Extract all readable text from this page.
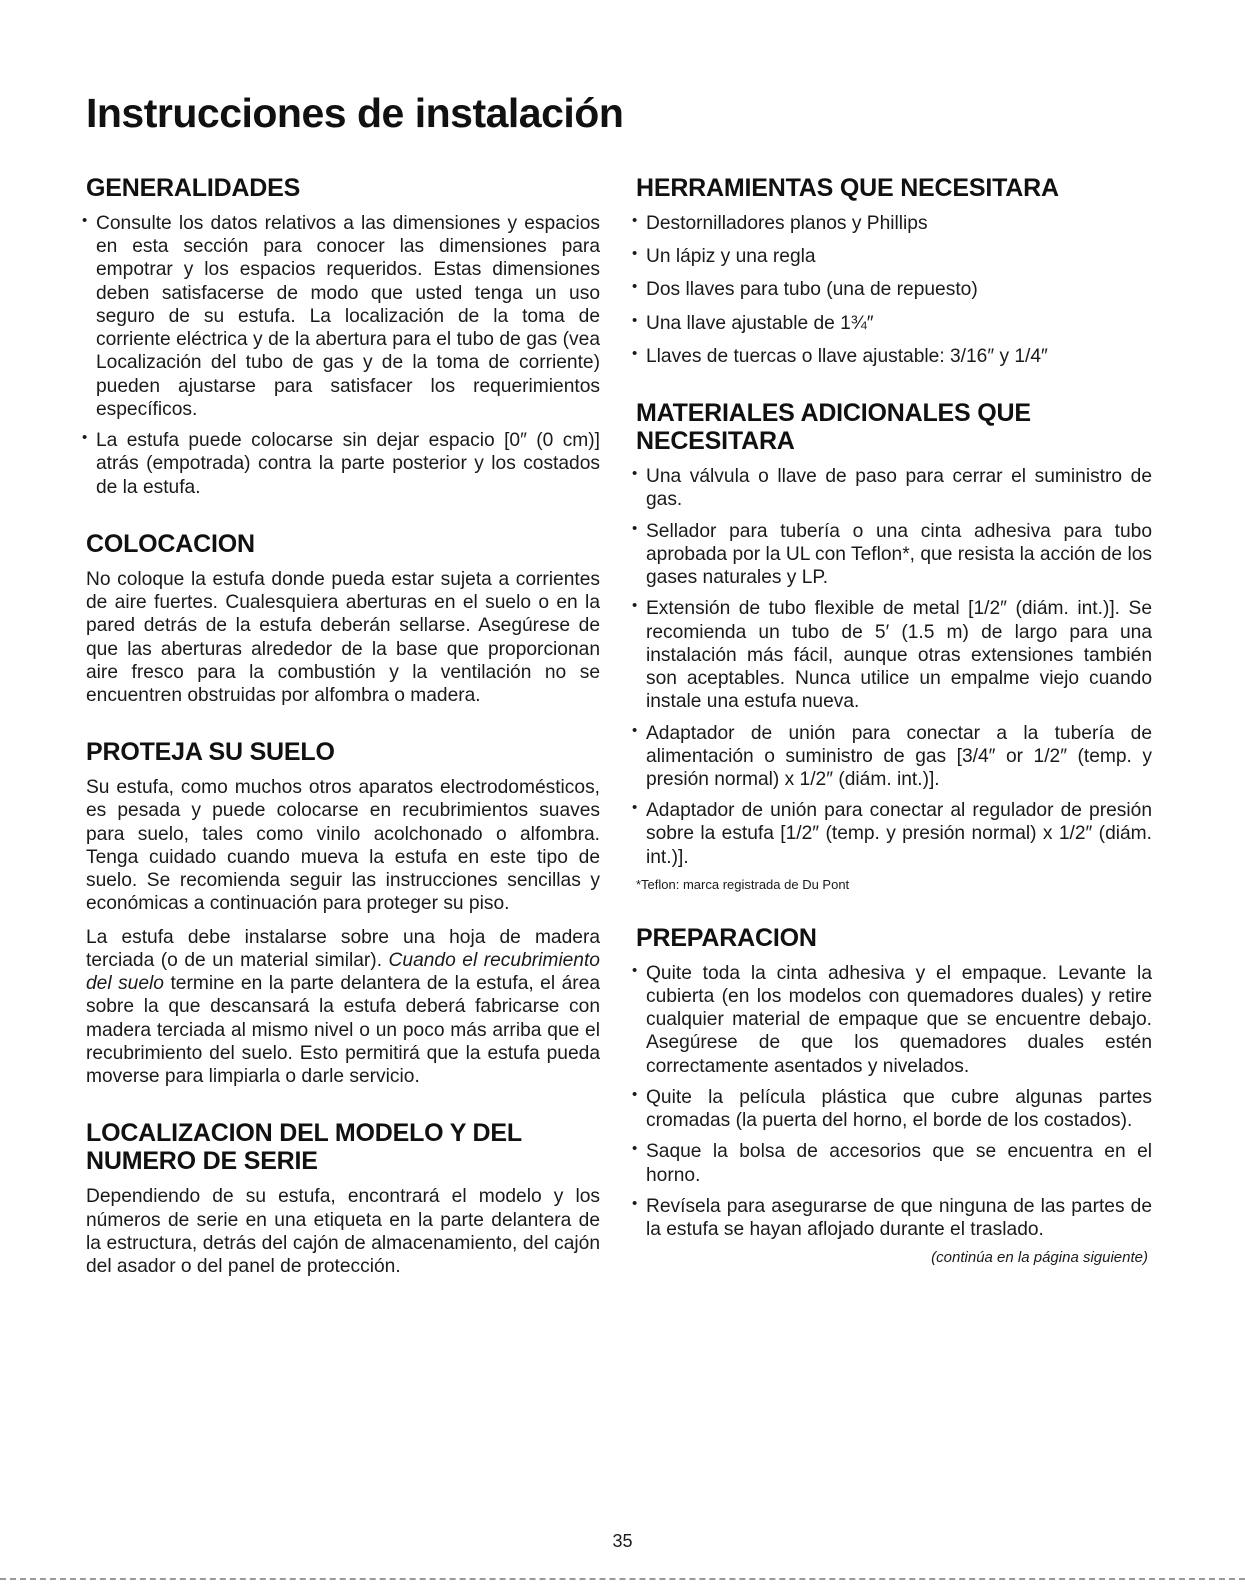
Instrucciones de instalación
GENERALIDADES
• Consulte los datos relativos a las dimensiones y espacios en esta sección para conocer las dimensiones para empotrar y los espacios requeridos. Estas dimensiones deben satisfacerse de modo que usted tenga un uso seguro de su estufa. La localización de la toma de corriente eléctrica y de la abertura para el tubo de gas (vea Localización del tubo de gas y de la toma de corriente) pueden ajustarse para satisfacer los requerimientos específicos.
• La estufa puede colocarse sin dejar espacio [0″ (0 cm)] atrás (empotrada) contra la parte posterior y los costados de la estufa.
COLOCACION

No coloque la estufa donde pueda estar sujeta a corrientes de aire fuertes. Cualesquiera aberturas en el suelo o en la pared detrás de la estufa deberán sellarse. Asegúrese de que las aberturas alrededor de la base que proporcionan aire fresco para la combustión y la ventilación no se encuentren obstruidas por alfombra o madera.

PROTEJA SU SUELO

Su estufa, como muchos otros aparatos electrodomésticos, es pesada y puede colocarse en recubrimientos suaves para suelo, tales como vinilo acolchonado o alfombra. Tenga cuidado cuando mueva la estufa en este tipo de suelo. Se recomienda seguir las instrucciones sencillas y económicas a continuación para proteger su piso.

La estufa debe instalarse sobre una hoja de madera terciada (o de un material similar). Cuando el recubrimiento del suelo termine en la parte delantera de la estufa, el área sobre la que descansará la estufa deberá fabricarse con madera terciada al mismo nivel o un poco más arriba que el recubrimiento del suelo. Esto permitirá que la estufa pueda moverse para limpiarla o darle servicio.

LOCALIZACION DEL MODELO Y DEL NUMERO DE SERIE

Dependiendo de su estufa, encontrará el modelo y los números de serie en una etiqueta en la parte delantera de la estructura, detrás del cajón de almacenamiento, del cajón del asador o del panel de protección.

HERRAMIENTAS QUE NECESITARA
• Destornilladores planos y Phillips
• Un lápiz y una regla
• Dos llaves para tubo (una de repuesto)
• Una llave ajustable de 1¾″
• Llaves de tuercas o llave ajustable: 3/16″ y 1/4″
MATERIALES ADICIONALES QUE NECESITARA
• Una válvula o llave de paso para cerrar el suministro de gas.
• Sellador para tubería o una cinta adhesiva para tubo aprobada por la UL con Teflon*, que resista la acción de los gases naturales y LP.
• Extensión de tubo flexible de metal [1/2″ (diám. int.)]. Se recomienda un tubo de 5′ (1.5 m) de largo para una instalación más fácil, aunque otras extensiones también son aceptables. Nunca utilice un empalme viejo cuando instale una estufa nueva.
• Adaptador de unión para conectar a la tubería de alimentación o suministro de gas [3/4″ or 1/2″ (temp. y presión normal) x 1/2″ (diám. int.)].
• Adaptador de unión para conectar al regulador de presión sobre la estufa [1/2″ (temp. y presión normal) x 1/2″ (diám. int.)].

*Teflon: marca registrada de Du Pont

PREPARACION
• Quite toda la cinta adhesiva y el empaque. Levante la cubierta (en los modelos con quemadores duales) y retire cualquier material de empaque que se encuentre debajo. Asegúrese de que los quemadores duales estén correctamente asentados y nivelados.
• Quite la película plástica que cubre algunas partes cromadas (la puerta del horno, el borde de los costados).
• Saque la bolsa de accesorios que se encuentra en el horno.
• Revísela para asegurarse de que ninguna de las partes de la estufa se hayan aflojado durante el traslado.

(continúa en la página siguiente)

35
